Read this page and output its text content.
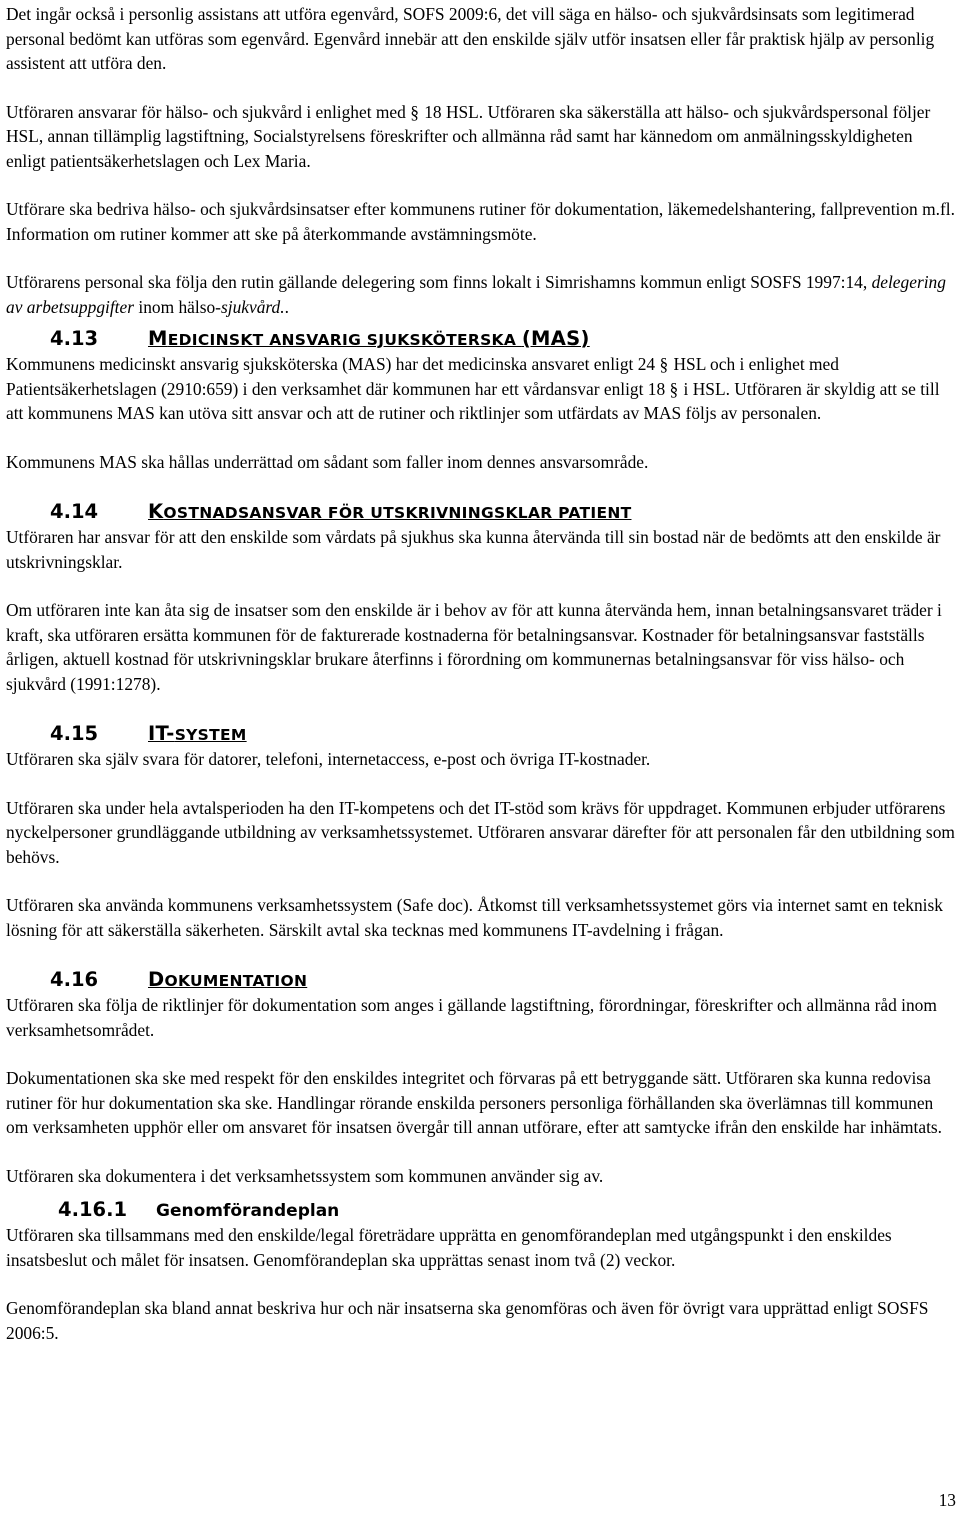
Det ingår också i personlig assistans att utföra egenvård, SOFS 2009:6, det vill säga en hälso- och sjukvårdsinsats som legitimerad personal bedömt kan utföras som egenvård. Egenvård innebär att den enskilde själv utför insatsen eller får praktisk hjälp av personlig assistent att utföra den.

Utföraren ansvarar för hälso- och sjukvård i enlighet med § 18 HSL. Utföraren ska säkerställa att hälso- och sjukvårdspersonal följer HSL, annan tillämplig lagstiftning, Socialstyrelsens föreskrifter och allmänna råd samt har kännedom om anmälningsskyldigheten enligt patientsäkerhetslagen och Lex Maria.

Utförare ska bedriva hälso- och sjukvårdsinsatser efter kommunens rutiner för dokumentation, läkemedelshantering, fallprevention m.fl. Information om rutiner kommer att ske på återkommande avstämningsmöte.

Utförarens personal ska följa den rutin gällande delegering som finns lokalt i Simrishamns kommun enligt SOSFS 1997:14, delegering av arbetsuppgifter inom hälso-sjukvård..

4.13	MEDICINSKT ANSVARIG SJUKSKÖTERSKA (MAS)

Kommunens medicinskt ansvarig sjuksköterska (MAS) har det medicinska ansvaret enligt 24 § HSL och i enlighet med Patientsäkerhetslagen (2910:659) i den verksamhet där kommunen har ett vårdansvar enligt 18 § i HSL. Utföraren är skyldig att se till att kommunens MAS kan utöva sitt ansvar och att de rutiner och riktlinjer som utfärdats av MAS följs av personalen.

Kommunens MAS ska hållas underrättad om sådant som faller inom dennes ansvarsområde.

4.14	KOSTNADSANSVAR FÖR UTSKRIVNINGSKLAR PATIENT

Utföraren har ansvar för att den enskilde som vårdats på sjukhus ska kunna återvända till sin bostad när de bedömts att den enskilde är utskrivningsklar.

Om utföraren inte kan åta sig de insatser som den enskilde är i behov av för att kunna återvända hem, innan betalningsansvaret träder i kraft, ska utföraren ersätta kommunen för de fakturerade kostnaderna för betalningsansvar. Kostnader för betalningsansvar fastställs årligen, aktuell kostnad för utskrivningsklar brukare återfinns i förordning om kommunernas betalningsansvar för viss hälso- och sjukvård (1991:1278).

4.15	IT-SYSTEM

Utföraren ska själv svara för datorer, telefoni, internetaccess, e-post och övriga IT-kostnader.

Utföraren ska under hela avtalsperioden ha den IT-kompetens och det IT-stöd som krävs för uppdraget. Kommunen erbjuder utförarens nyckelpersoner grundläggande utbildning av verksamhetssystemet. Utföraren ansvarar därefter för att personalen får den utbildning som behövs.

Utföraren ska använda kommunens verksamhetssystem (Safe doc). Åtkomst till verksamhetssystemet görs via internet samt en teknisk lösning för att säkerställa säkerheten. Särskilt avtal ska tecknas med kommunens IT-avdelning i frågan.

4.16	DOKUMENTATION

Utföraren ska följa de riktlinjer för dokumentation som anges i gällande lagstiftning, förordningar, föreskrifter och allmänna råd inom verksamhetsområdet.

Dokumentationen ska ske med respekt för den enskildes integritet och förvaras på ett betryggande sätt. Utföraren ska kunna redovisa rutiner för hur dokumentation ska ske. Handlingar rörande enskilda personers personliga förhållanden ska överlämnas till kommunen om verksamheten upphör eller om ansvaret för insatsen övergår till annan utförare, efter att samtycke ifrån den enskilde har inhämtats.

Utföraren ska dokumentera i det verksamhetssystem som kommunen använder sig av.

4.16.1 Genomförandeplan

Utföraren ska tillsammans med den enskilde/legal företrädare upprätta en genomförandeplan med utgångspunkt i den enskildes insatsbeslut och målet för insatsen. Genomförandeplan ska upprättas senast inom två (2) veckor.

Genomförandeplan ska bland annat beskriva hur och när insatserna ska genomföras och även för övrigt vara upprättad enligt SOSFS 2006:5.

13
